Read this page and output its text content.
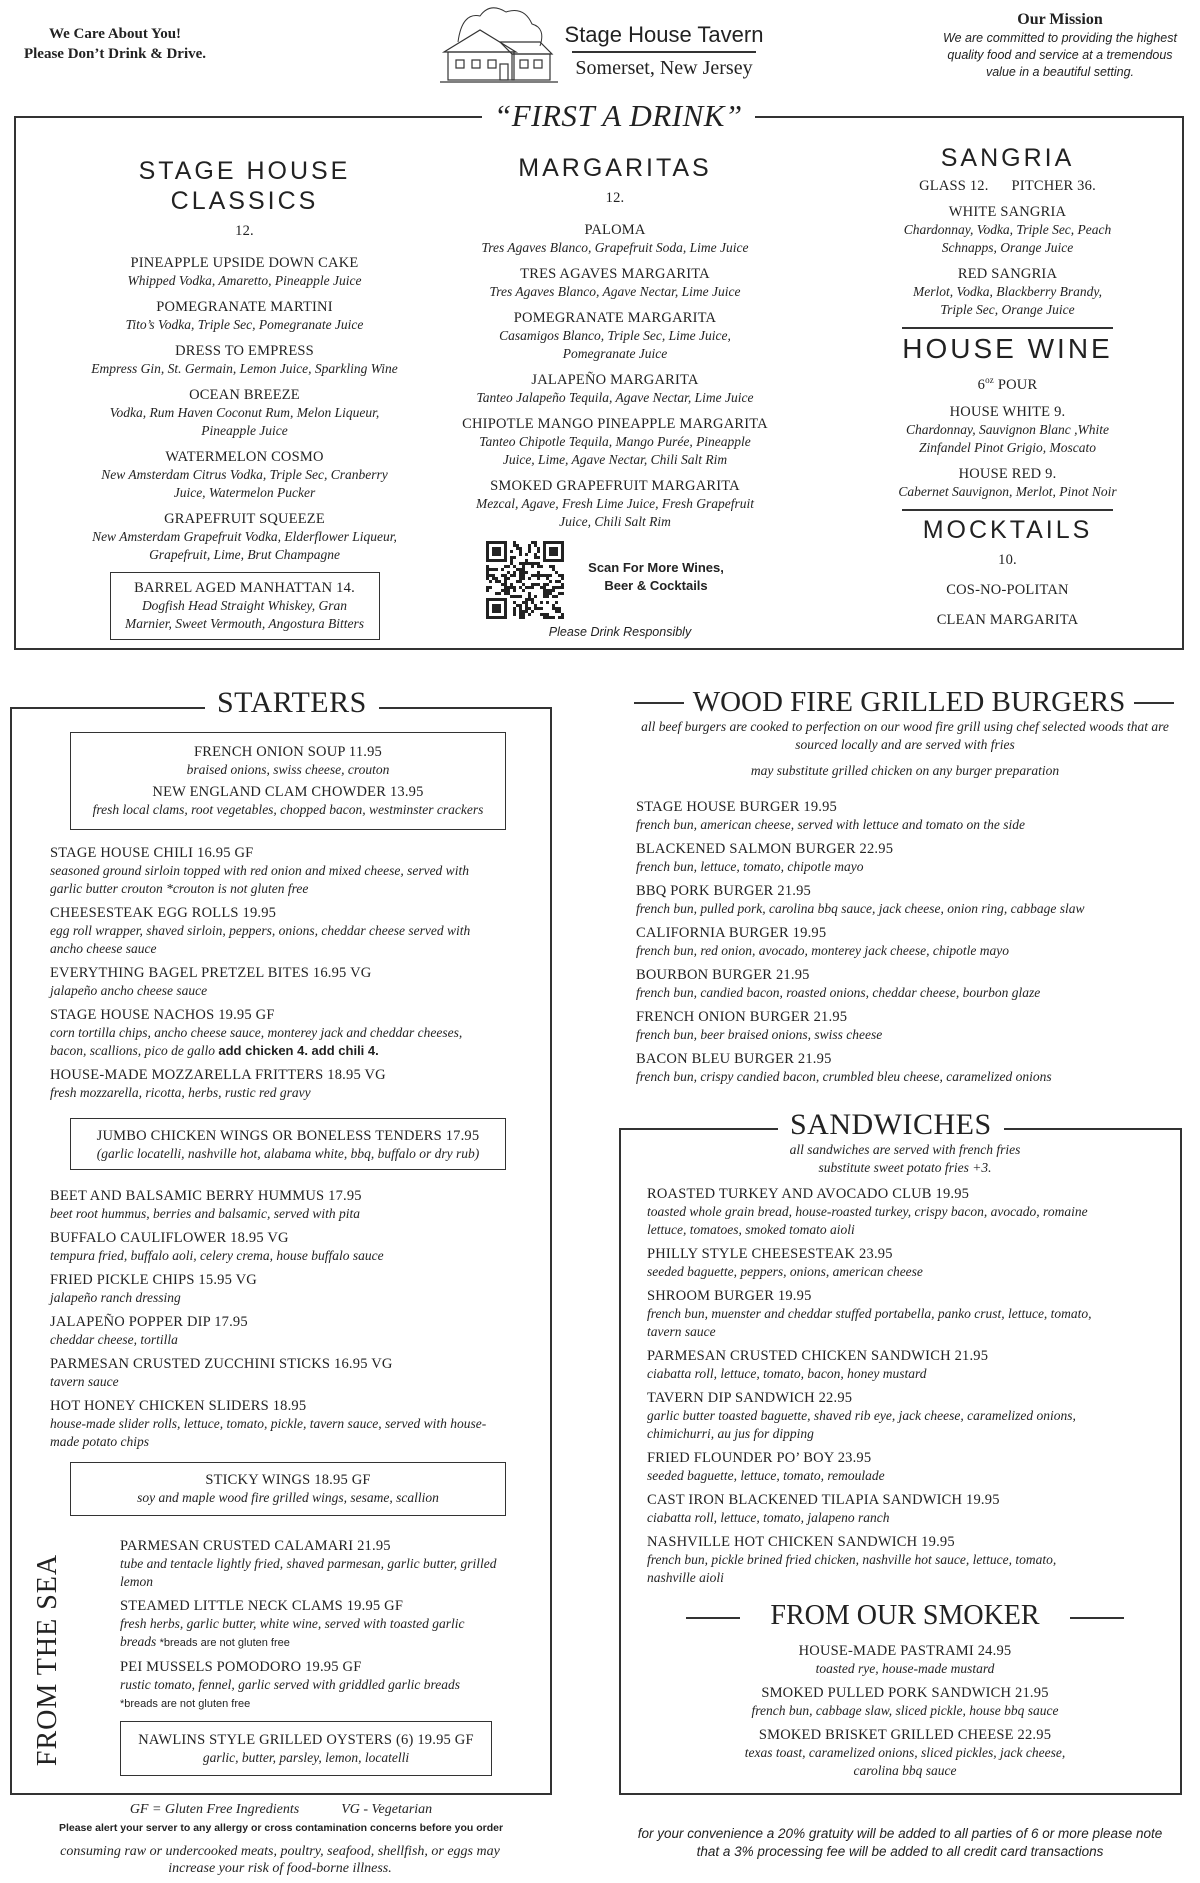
We Care About You!
Please Don’t Drink & Drive.
Stage House Tavern
Somerset, New Jersey
Our Mission
We are committed to providing the highest quality food and service at a tremendous value in a beautiful setting.
“FIRST A DRINK”
STAGE HOUSE CLASSICS
12.
PINEAPPLE UPSIDE DOWN CAKE
Whipped Vodka, Amaretto, Pineapple Juice
POMEGRANATE MARTINI
Tito’s Vodka, Triple Sec, Pomegranate Juice
DRESS TO EMPRESS
Empress Gin, St. Germain, Lemon Juice, Sparkling Wine
OCEAN BREEZE
Vodka, Rum Haven Coconut Rum, Melon Liqueur, Pineapple Juice
WATERMELON COSMO
New Amsterdam Citrus Vodka, Triple Sec, Cranberry Juice, Watermelon Pucker
GRAPEFRUIT SQUEEZE
New Amsterdam Grapefruit Vodka, Elderflower Liqueur, Grapefruit, Lime, Brut Champagne
BARREL AGED MANHATTAN 14.
Dogfish Head Straight Whiskey, Gran Marnier, Sweet Vermouth, Angostura Bitters
MARGARITAS
12.
PALOMA
Tres Agaves Blanco, Grapefruit Soda, Lime Juice
TRES AGAVES MARGARITA
Tres Agaves Blanco, Agave Nectar, Lime Juice
POMEGRANATE MARGARITA
Casamigos Blanco, Triple Sec, Lime Juice, Pomegranate Juice
JALAPEÑO MARGARITA
Tanteo Jalapeño Tequila, Agave Nectar, Lime Juice
CHIPOTLE MANGO PINEAPPLE MARGARITA
Tanteo Chipotle Tequila, Mango Purée, Pineapple Juice, Lime, Agave Nectar, Chili Salt Rim
SMOKED GRAPEFRUIT MARGARITA
Mezcal, Agave, Fresh Lime Juice, Fresh Grapefruit Juice, Chili Salt Rim
Scan For More Wines, Beer & Cocktails
Please Drink Responsibly
SANGRIA
GLASS 12.      PITCHER 36.
WHITE SANGRIA
Chardonnay, Vodka, Triple Sec, Peach Schnapps, Orange Juice
RED SANGRIA
Merlot, Vodka, Blackberry Brandy, Triple Sec, Orange Juice
HOUSE WINE
$6^{oz}$ POUR
HOUSE WHITE 9.
Chardonnay, Sauvignon Blanc ,White Zinfandel Pinot Grigio, Moscato
HOUSE RED 9.
Cabernet Sauvignon, Merlot, Pinot Noir
MOCKTAILS
10.
COS-NO-POLITAN
CLEAN MARGARITA
STARTERS
FRENCH ONION SOUP 11.95
braised onions, swiss cheese, crouton
NEW ENGLAND CLAM CHOWDER 13.95
fresh local clams, root vegetables, chopped bacon, westminster crackers
STAGE HOUSE CHILI 16.95 GF
seasoned ground sirloin topped with red onion and mixed cheese, served with garlic butter crouton *crouton is not gluten free
CHEESESTEAK EGG ROLLS 19.95
egg roll wrapper, shaved sirloin, peppers, onions, cheddar cheese served with ancho cheese sauce
EVERYTHING BAGEL PRETZEL BITES 16.95 VG
jalapeño ancho cheese sauce
STAGE HOUSE NACHOS 19.95 GF
corn tortilla chips, ancho cheese sauce, monterey jack and cheddar cheeses, bacon, scallions, pico de gallo add chicken 4. add chili 4.
HOUSE-MADE MOZZARELLA FRITTERS 18.95 VG
fresh mozzarella, ricotta, herbs, rustic red gravy
JUMBO CHICKEN WINGS OR BONELESS TENDERS 17.95
(garlic locatelli, nashville hot, alabama white, bbq, buffalo or dry rub)
BEET AND BALSAMIC BERRY HUMMUS 17.95
beet root hummus, berries and balsamic, served with pita
BUFFALO CAULIFLOWER 18.95 VG
tempura fried, buffalo aoli, celery crema, house buffalo sauce
FRIED PICKLE CHIPS 15.95 VG
jalapeño ranch dressing
JALAPEÑO POPPER DIP 17.95
cheddar cheese, tortilla
PARMESAN CRUSTED ZUCCHINI STICKS 16.95 VG
tavern sauce
HOT HONEY CHICKEN SLIDERS 18.95
house-made slider rolls, lettuce, tomato, pickle, tavern sauce, served with house-made potato chips
STICKY WINGS 18.95 GF
soy and maple wood fire grilled wings, sesame, scallion
FROM THE SEA
PARMESAN CRUSTED CALAMARI 21.95
tube and tentacle lightly fried, shaved parmesan, garlic butter, grilled lemon
STEAMED LITTLE NECK CLAMS 19.95 GF
fresh herbs, garlic butter, white wine, served with toasted garlic breads *breads are not gluten free
PEI MUSSELS POMODORO 19.95 GF
rustic tomato, fennel, garlic served with griddled garlic breads *breads are not gluten free
NAWLINS STYLE GRILLED OYSTERS (6) 19.95 GF
garlic, butter, parsley, lemon, locatelli
WOOD FIRE GRILLED BURGERS
all beef burgers are cooked to perfection on our wood fire grill using chef selected woods that are sourced locally and are served with fries
may substitute grilled chicken on any burger preparation
STAGE HOUSE BURGER 19.95
french bun, american cheese, served with lettuce and tomato on the side
BLACKENED SALMON BURGER 22.95
french bun, lettuce, tomato, chipotle mayo
BBQ PORK BURGER 21.95
french bun, pulled pork, carolina bbq sauce, jack cheese, onion ring, cabbage slaw
CALIFORNIA BURGER 19.95
french bun, red onion, avocado, monterey jack cheese, chipotle mayo
BOURBON BURGER 21.95
french bun, candied bacon, roasted onions, cheddar cheese, bourbon glaze
FRENCH ONION BURGER 21.95
french bun, beer braised onions, swiss cheese
BACON BLEU BURGER 21.95
french bun, crispy candied bacon, crumbled bleu cheese, caramelized onions
SANDWICHES
all sandwiches are served with french fries
substitute sweet potato fries +3.
ROASTED TURKEY AND AVOCADO CLUB 19.95
toasted whole grain bread, house-roasted turkey, crispy bacon, avocado, romaine lettuce, tomatoes, smoked tomato aioli
PHILLY STYLE CHEESESTEAK 23.95
seeded baguette, peppers, onions, american cheese
SHROOM BURGER 19.95
french bun, muenster and cheddar stuffed portabella, panko crust, lettuce, tomato, tavern sauce
PARMESAN CRUSTED CHICKEN SANDWICH 21.95
ciabatta roll, lettuce, tomato, bacon, honey mustard
TAVERN DIP SANDWICH 22.95
garlic butter toasted baguette, shaved rib eye, jack cheese, caramelized onions, chimichurri, au jus for dipping
FRIED FLOUNDER PO’ BOY 23.95
seeded baguette, lettuce, tomato, remoulade
CAST IRON BLACKENED TILAPIA SANDWICH 19.95
ciabatta roll, lettuce, tomato, jalapeno ranch
NASHVILLE HOT CHICKEN SANDWICH 19.95
french bun, pickle brined fried chicken, nashville hot sauce, lettuce, tomato, nashville aioli
FROM OUR SMOKER
HOUSE-MADE PASTRAMI 24.95
toasted rye, house-made mustard
SMOKED PULLED PORK SANDWICH 21.95
french bun, cabbage slaw, sliced pickle, house bbq sauce
SMOKED BRISKET GRILLED CHEESE 22.95
texas toast, caramelized onions, sliced pickles, jack cheese, carolina bbq sauce
GF = Gluten Free Ingredients	VG - Vegetarian
Please alert your server to any allergy or cross contamination concerns before you order
consuming raw or undercooked meats, poultry, seafood, shellfish, or eggs may increase your risk of food-borne illness.
for your convenience a 20% gratuity will be added to all parties of 6 or more please note that a 3% processing fee will be added to all credit card transactions
